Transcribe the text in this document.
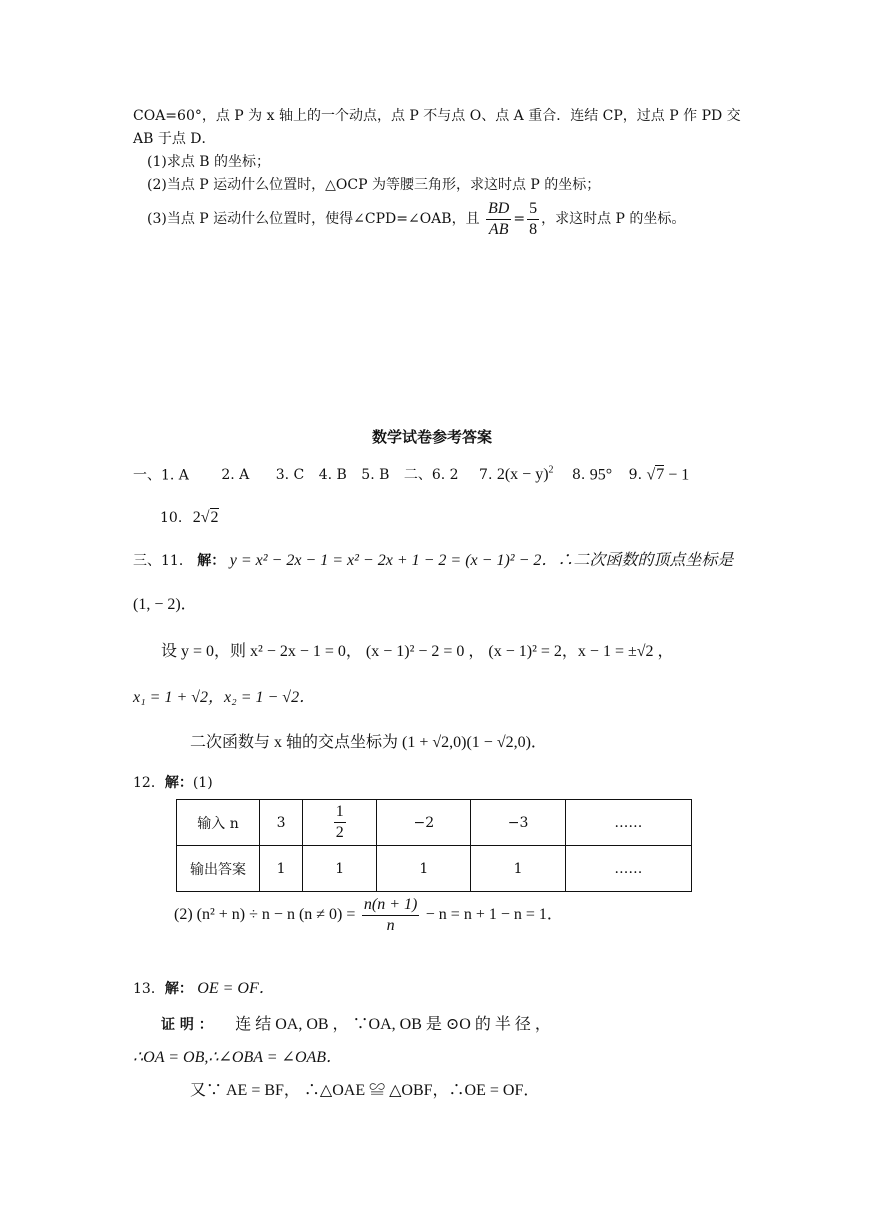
COA=60°，点 P 为 x 轴上的一个动点，点 P 不与点 O、点 A 重合．连结 CP，过点 P 作 PD 交
AB 于点 D．
(1)求点 B 的坐标；
(2)当点 P 运动什么位置时，△OCP 为等腰三角形，求这时点 P 的坐标；
(3)当点 P 运动什么位置时，使得∠CPD=∠OAB，且 $\frac{BD}{AB} = \frac{5}{8}$ ，求这时点 P 的坐标。
数学试卷参考答案
一、1. A 2. A 3. C 4. B 5. B 二、6. 2 7. $2(x - y)^2$ 8. 95° 9. √7 − 1
10. 2√2
三、11． 解： y = x² − 2x − 1 = x² − 2x + 1 − 2 = (x − 1)² − 2．∴二次函数的顶点坐标是
(1, − 2)．
设 y = 0，则 x² − 2x − 1 = 0， (x − 1)² − 2 = 0 ， (x − 1)² = 2，x − 1 = ±√2 ，
x₁ = 1 + √2，x₂ = 1 − √2．
二次函数与 x 轴的交点坐标为 (1 + √2,0)(1 − √2,0)．
12．解：(1)
输入 n	3	$\frac{1}{2}$	−2	−3	……
输出答案	1	1	1	1	……
(2) (n² + n) ÷ n − n $(n \ne 0) = \frac{n(n + 1)}{n} - n = n + 1 - n = 1$．
13．解： OE = OF．
证 明 ： 连 结 OA, OB ， ∵OA, OB 是 ⊙O 的 半 径 ，
∴OA = OB,∴∠OBA = ∠OAB．
又∵ AE = BF， ∴△OAE ≌ △OBF，∴OE = OF．
